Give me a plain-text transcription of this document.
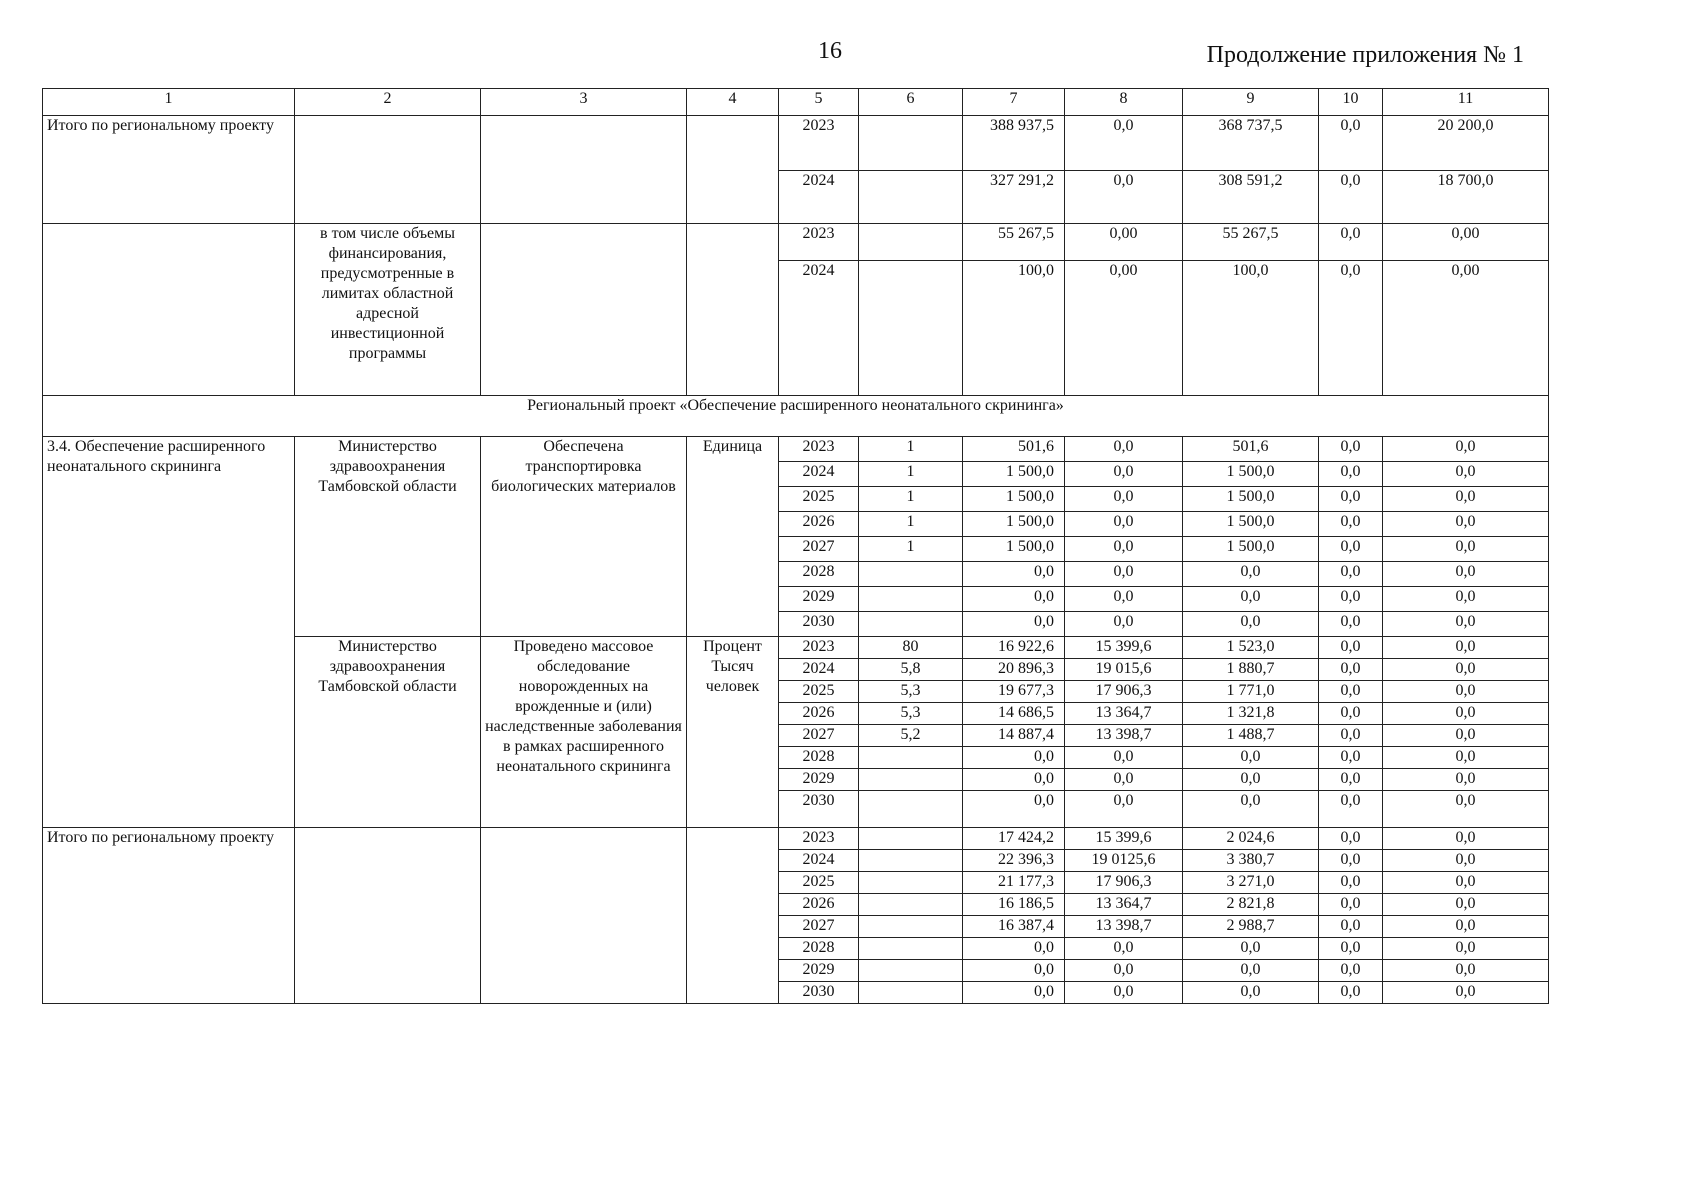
16	Продолжение приложения № 1
1	2	3	4	5	6	7	8	9	10	11
Итого по региональному проекту				2023		388 937,5	0,0	368 737,5	0,0	20 200,0
				2024		327 291,2	0,0	308 591,2	0,0	18 700,0
	в том числе объемы финансирования, предусмотренные в лимитах областной адресной инвестиционной программы			2023		55 267,5	0,00	55 267,5	0,0	0,00
				2024		100,0	0,00	100,0	0,0	0,00
Региональный проект «Обеспечение расширенного неонатального скрининга»										
3.4. Обеспечение расширенного неонатального скрининга	Министерство здравоохранения Тамбовской области	Обеспечена транспортировка биологических материалов	Единица	2023	1	501,6	0,0	501,6	0,0	0,0
				2024	1	1 500,0	0,0	1 500,0	0,0	0,0
				2025	1	1 500,0	0,0	1 500,0	0,0	0,0
				2026	1	1 500,0	0,0	1 500,0	0,0	0,0
				2027	1	1 500,0	0,0	1 500,0	0,0	0,0
				2028		0,0	0,0	0,0	0,0	0,0
				2029		0,0	0,0	0,0	0,0	0,0
				2030		0,0	0,0	0,0	0,0	0,0
	Министерство здравоохранения Тамбовской области	Проведено массовое обследование новорожденных на врожденные и (или) наследственные заболевания в рамках расширенного неонатального скрининга	Процент Тысяч человек	2023	80	16 922,6	15 399,6	1 523,0	0,0	0,0
				2024	5,8	20 896,3	19 015,6	1 880,7	0,0	0,0
				2025	5,3	19 677,3	17 906,3	1 771,0	0,0	0,0
				2026	5,3	14 686,5	13 364,7	1 321,8	0,0	0,0
				2027	5,2	14 887,4	13 398,7	1 488,7	0,0	0,0
				2028		0,0	0,0	0,0	0,0	0,0
				2029		0,0	0,0	0,0	0,0	0,0
				2030		0,0	0,0	0,0	0,0	0,0
Итого по региональному проекту				2023		17 424,2	15 399,6	2 024,6	0,0	0,0
				2024		22 396,3	19 0125,6	3 380,7	0,0	0,0
				2025		21 177,3	17 906,3	3 271,0	0,0	0,0
				2026		16 186,5	13 364,7	2 821,8	0,0	0,0
				2027		16 387,4	13 398,7	2 988,7	0,0	0,0
				2028		0,0	0,0	0,0	0,0	0,0
				2029		0,0	0,0	0,0	0,0	0,0
				2030		0,0	0,0	0,0	0,0	0,0
